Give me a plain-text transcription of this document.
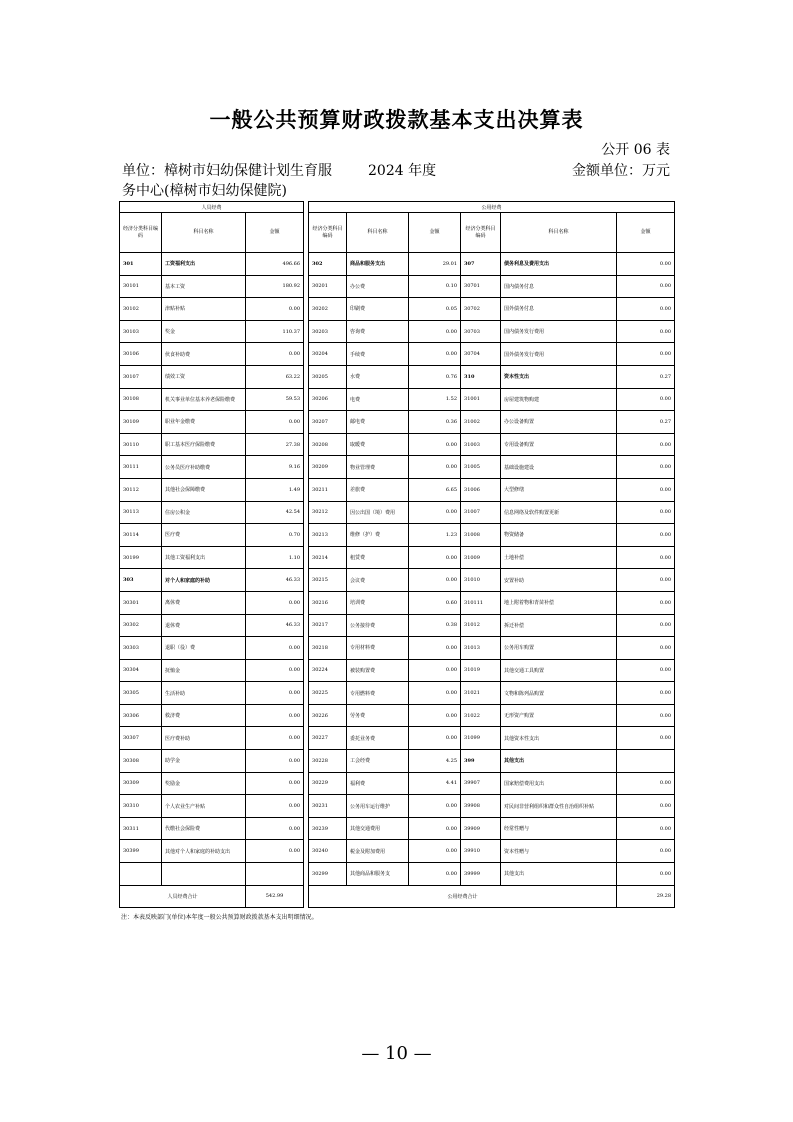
一般公共预算财政拨款基本支出决算表
公开 06 表
单位：樟树市妇幼保健计划生育服	2024 年度	金额单位：万元
务中心(樟树市妇幼保健院)
人员经费				公用经费					
经济分类科目编码	科目名称	金额		经济分类科目编码	科目名称	金额	经济分类科目编码	科目名称	金额
301	工资福利支出	496.66		302	商品和服务支出	29.01	307	债务利息及费用支出	0.00
30101	基本工资	180.92		30201	办公费	0.10	30701	国内债务付息	0.00
30102	津贴补贴	0.00		30202	印刷费	0.05	30702	国外债务付息	0.00
30103	奖金	110.37		30203	咨询费	0.00	30703	国内债务发行费用	0.00
30106	伙食补助费	0.00		30204	手续费	0.00	30704	国外债务发行费用	0.00
30107	绩效工资	63.22		30205	水费	0.76	310	资本性支出	0.27
30108	机关事业单位基本养老保险缴费	59.53		30206	电费	1.52	31001	房屋建筑物购建	0.00
30109	职业年金缴费	0.00		30207	邮电费	0.36	31002	办公设备购置	0.27
30110	职工基本医疗保险缴费	27.38		30208	取暖费	0.00	31003	专用设备购置	0.00
30111	公务员医疗补助缴费	9.16		30209	物业管理费	0.00	31005	基础设施建设	0.00
30112	其他社会保障缴费	1.49		30211	差旅费	6.65	31006	大型修缮	0.00
30113	住房公积金	42.54		30212	因公出国（境）费用	0.00	31007	信息网络及软件购置更新	0.00
30114	医疗费	0.70		30213	维修（护）费	1.23	31008	物资储备	0.00
30199	其他工资福利支出	1.10		30214	租赁费	0.00	31009	土地补偿	0.00
303	对个人和家庭的补助	46.33		30215	会议费	0.00	31010	安置补助	0.00
30301	离休费	0.00		30216	培训费	0.60	310111	地上附着物和青苗补偿	0.00
30302	退休费	46.33		30217	公务接待费	0.38	31012	拆迁补偿	0.00
30303	退职（役）费	0.00		30218	专用材料费	0.00	31013	公务用车购置	0.00
30304	抚恤金	0.00		30224	被装购置费	0.00	31019	其他交通工具购置	0.00
30305	生活补助	0.00		30225	专用燃料费	0.00	31021	文物和陈列品购置	0.00
30306	救济费	0.00		30226	劳务费	0.00	31022	无形资产购置	0.00
30307	医疗费补助	0.00		30227	委托业务费	0.00	31099	其他资本性支出	0.00
30308	助学金	0.00		30228	工会经费	4.25	399	其他支出	
30309	奖励金	0.00		30229	福利费	4.41	39907	国家赔偿费用支出	0.00
30310	个人农业生产补贴	0.00		30231	公务用车运行维护	0.00	39908	对民间非营利组织和群众性自治组织补贴	0.00
30311	代缴社会保险费	0.00		30239	其他交通费用	0.00	39909	经常性赠与	0.00
30399	其他对个人和家庭的补助支出	0.00		30240	税金及附加费用	0.00	39910	资本性赠与	0.00
				30299	其他商品和服务支	0.00	39999	其他支出	0.00
人员经费合计		542.99		公用经费合计					29.28
注：本表反映部门(单位)本年度一般公共预算财政拨款基本支出明细情况。
— 10 —
